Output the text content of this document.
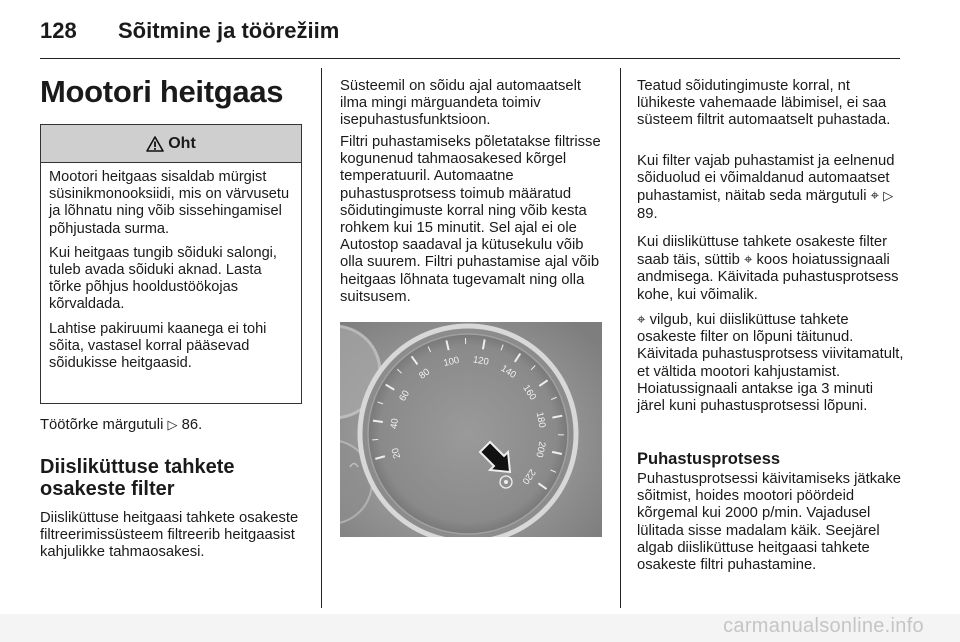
128 Sõitmine ja töörežiim
Mootori heitgaas
Oht

Mootori heitgaas sisaldab mürgist süsinikmonooksiidi, mis on värvusetu ja lõhnatu ning võib sissehingamisel põhjustada surma.

Kui heitgaas tungib sõiduki salongi, tuleb avada sõiduki aknad. Lasta tõrke põhjus hooldustöökojas kõrvaldada.

Lahtise pakiruumi kaanega ei tohi sõita, vastasel korral pääsevad sõidukisse heitgaasid.

Töötõrke märgutuli ▷ 86.
Diisliküttuse tahkete osakeste filter
Diisliküttuse heitgaasi tahkete osakeste filtreerimissüsteem filtreerib heitgaasist kahjulikke tahmaosakesi.
Süsteemil on sõidu ajal automaatselt ilma mingi märguandeta toimiv isepuhastusfunktsioon.
Filtri puhastamiseks põletatakse filtrisse kogunenud tahmaosakesed kõrgel temperatuuril. Automaatne puhastusprotsess toimub määratud sõidutingimuste korral ning võib kesta rohkem kui 15 minutit. Sel ajal ei ole Autostop saadaval ja kütusekulu võib olla suurem. Filtri puhastamise ajal võib heitgaas lõhnata tugevamalt ning olla suitsusem.
20
40
60
80
100 120
140
160
180
200
220
Teatud sõidutingimuste korral, nt lühikeste vahemaade läbimisel, ei saa süsteem filtrit automaatselt puhastada.
Kui filter vajab puhastamist ja eelnenud sõiduolud ei võimaldanud automaatset puhastamist, näitab seda märgutuli ⌖ ▷ 89.
Kui diisliküttuse tahkete osakeste filter saab täis, süttib ⌖ koos hoiatussignaali andmisega. Käivitada puhastusprotsess kohe, kui võimalik.
⌖ vilgub, kui diisliküttuse tahkete osakeste filter on lõpuni täitunud. Käivitada puhastusprotsess viivitamatult, et vältida mootori kahjustamist. Hoiatussignaali antakse iga 3 minuti järel kuni puhastusprotsessi lõpuni.
Puhastusprotsess
Puhastusprotsessi käivitamiseks jätkake sõitmist, hoides mootori pöördeid kõrgemal kui 2000 p/min. Vajadusel lülitada sisse madalam käik. Seejärel algab diisliküttuse heitgaasi tahkete osakeste filtri puhastamine.
carmanualsonline.info
